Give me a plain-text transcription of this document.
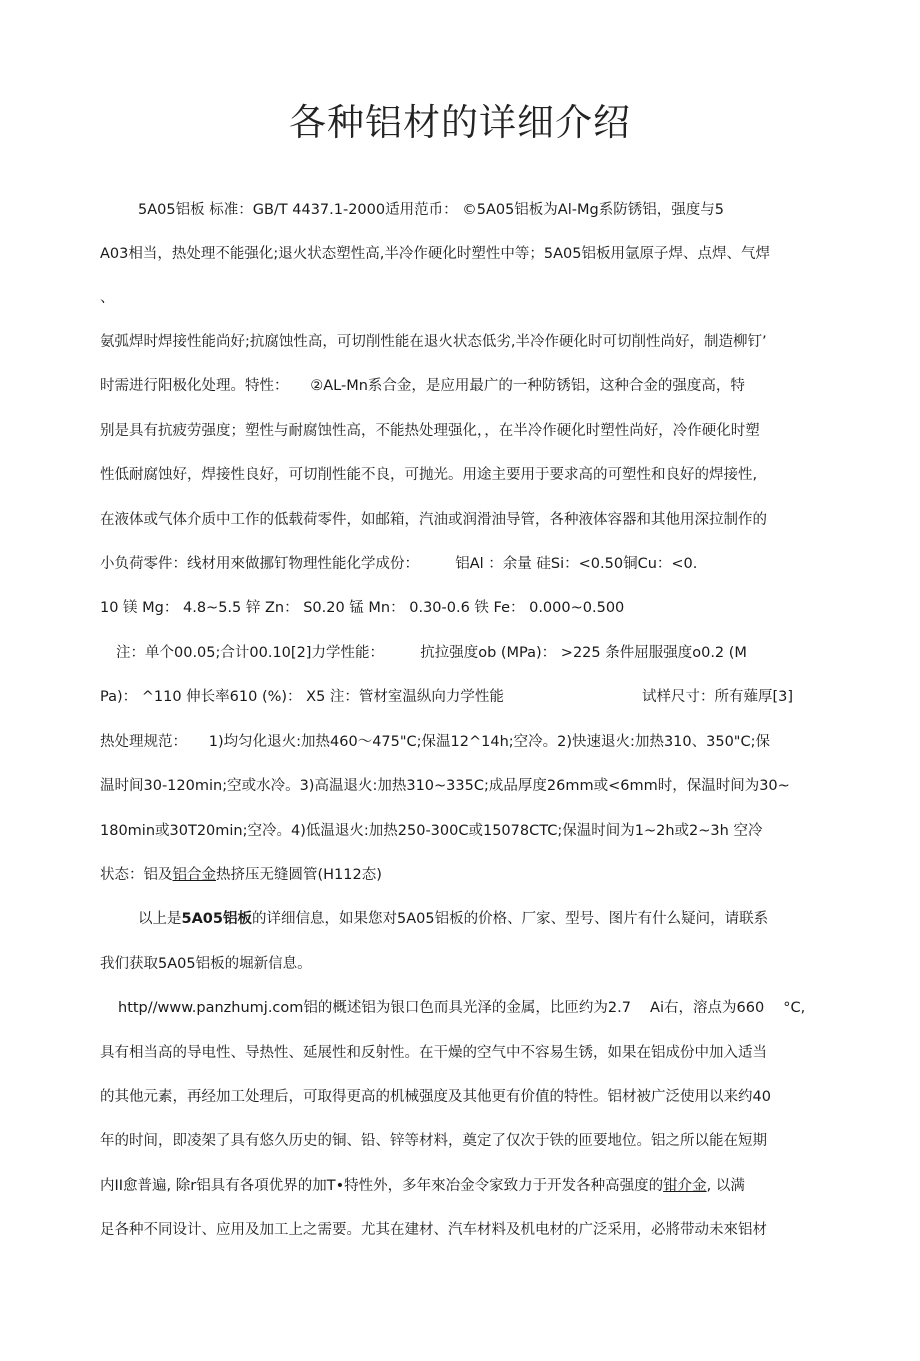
各种铝材的详细介绍
5A05铝板 标准：GB/T 4437.1-2000适用范币： ©5A05铝板为Al-Mg系防锈铝，强度与5
A03相当，热处理不能强化;退火状态塑性高,半冷作硬化时塑性中等；5A05铝板用氩原子焊、点焊、气焊
、
氨弧焊时焊接性能尚好;抗腐蚀性高，可切削性能在退火状态低劣,半冷作硬化时可切削性尚好，制造柳钉’
时需进行阳极化处理。特性：　　②AL-Mn系合金，是应用最广的一种防锈铝，这种合金的强度高，特
别是具有抗疲劳强度；塑性与耐腐蚀性高，不能热处理强化，，在半冷作硬化时塑性尚好，冷作硬化时塑
性低耐腐蚀好，焊接性良好，可切削性能不良，可抛光。用途主要用于要求高的可塑性和良好的焊接性,
在液体或气体介质中工作的低载荷零件，如邮箱，汽油或润滑油导管，各种液体容器和其他用深拉制作的
小负荷零件：线材用來做挪钉物理性能化学成份：　　　铝Al ：余量 硅Si：<0.50铜Cu：<0.
10 镁 Mg： 4.8~5.5 锌 Zn： S0.20 锰 Mn： 0.30-0.6 铁 Fe： 0.000~0.500
注：单个00.05;合计00.10[2]力学性能：　　　抗拉强度ob (MPa)： >225 条件屈服强度o0.2 (M
Pa)： ^110 伸长率610 (%)： X5 注：管材室温纵向力学性能	试样尺寸：所有薙厚[3]
热处理规范：　　1)均匀化退火:加热460～475"C;保温12^14h;空冷。2)快速退火:加热310、350"C;保
温时间30-120min;空或水冷。3)高温退火:加热310~335C;成品厚度26mm或<6mm时，保温时间为30~
180min或30T20min;空冷。4)低温退火:加热250-300C或15078CTC;保温时间为1~2h或2~3h 空冷
状态：铝及铝合金热挤压无缝圆管(H112态)
以上是5A05铝板的详细信息，如果您对5A05铝板的价格、厂家、型号、图片有什么疑问，请联系
我们获取5A05铝板的堀新信息。
http//www.panzhumj.com铝的概述铝为银口色而具光泽的金属，比匝约为2.7　 Ai右，溶点为660　 °C,
具有相当高的导电性、导热性、延展性和反射性。在干燥的空气中不容易生锈，如果在铝成份中加入适当
的其他元素，再经加工处理后，可取得更高的机械强度及其他更有价值的特性。铝材被广泛使用以来约40
年的时间，即凌架了具有悠久历史的铜、铅、锌等材料，奠定了仅次于铁的匝要地位。铝之所以能在短期
内II愈普遍, 除r铝具有各項优界的加T•特性外，多年來冶金令家致力于开发各种高强度的钳介金, 以满
足各种不同设计、应用及加工上之需要。尤其在建材、汽车材料及机电材的广泛采用，必將带动未來铝材
